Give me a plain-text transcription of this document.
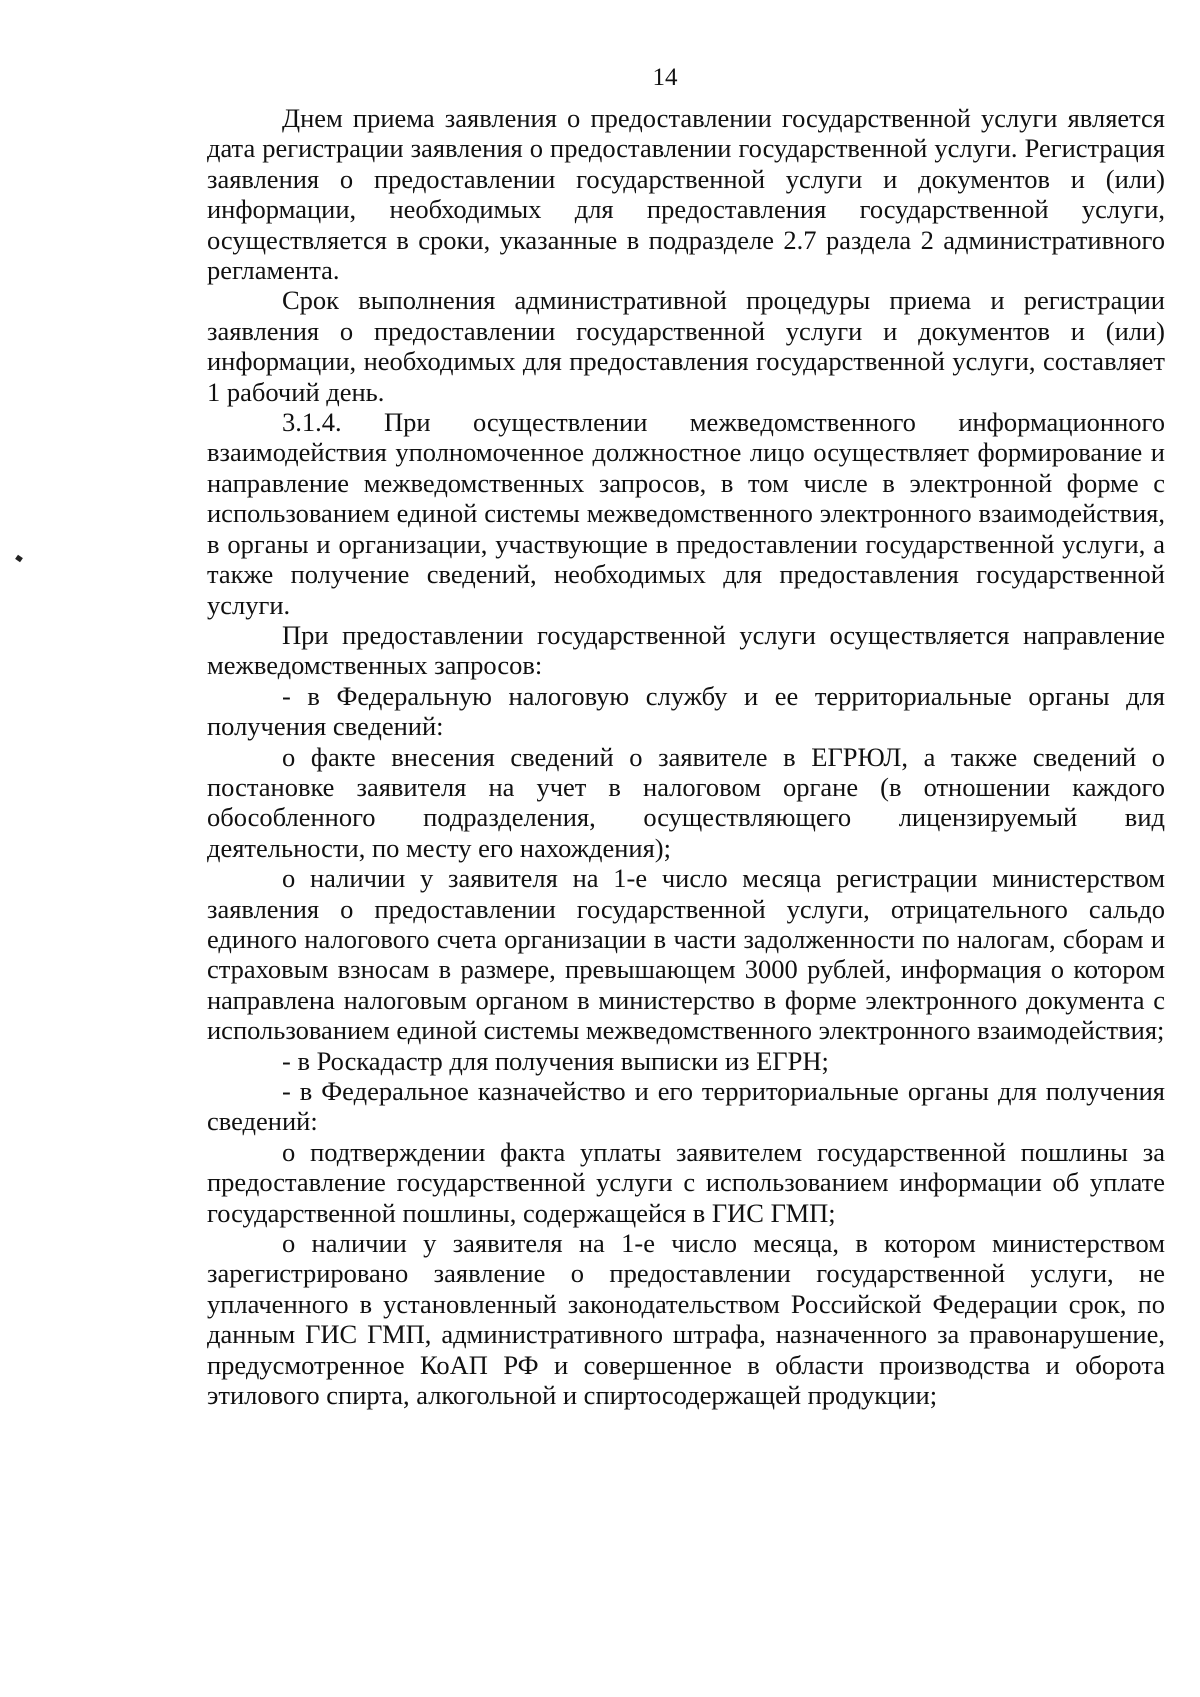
14

Днем приема заявления о предоставлении государственной услуги является дата регистрации заявления о предоставлении государственной услуги. Регистрация заявления о предоставлении государственной услуги и документов и (или) информации, необходимых для предоставления государственной услуги, осуществляется в сроки, указанные в подразделе 2.7 раздела 2 административного регламента.

Срок выполнения административной процедуры приема и регистрации заявления о предоставлении государственной услуги и документов и (или) информации, необходимых для предоставления государственной услуги, составляет 1 рабочий день.

3.1.4. При осуществлении межведомственного информационного взаимодействия уполномоченное должностное лицо осуществляет формирование и направление межведомственных запросов, в том числе в электронной форме с использованием единой системы межведомственного электронного взаимодействия, в органы и организации, участвующие в предоставлении государственной услуги, а также получение сведений, необходимых для предоставления государственной услуги.

При предоставлении государственной услуги осуществляется направление межведомственных запросов:

- в Федеральную налоговую службу и ее территориальные органы для получения сведений:

о факте внесения сведений о заявителе в ЕГРЮЛ, а также сведений о постановке заявителя на учет в налоговом органе (в отношении каждого обособленного подразделения, осуществляющего лицензируемый вид деятельности, по месту его нахождения);

о наличии у заявителя на 1-е число месяца регистрации министерством заявления о предоставлении государственной услуги, отрицательного сальдо единого налогового счета организации в части задолженности по налогам, сборам и страховым взносам в размере, превышающем 3000 рублей, информация о котором направлена налоговым органом в министерство в форме электронного документа с использованием единой системы межведомственного электронного взаимодействия;

- в Роскадастр для получения выписки из ЕГРН;

- в Федеральное казначейство и его территориальные органы для получения сведений:

о подтверждении факта уплаты заявителем государственной пошлины за предоставление государственной услуги с использованием информации об уплате государственной пошлины, содержащейся в ГИС ГМП;

о наличии у заявителя на 1-е число месяца, в котором министерством зарегистрировано заявление о предоставлении государственной услуги, не уплаченного в установленный законодательством Российской Федерации срок, по данным ГИС ГМП, административного штрафа, назначенного за правонарушение, предусмотренное КоАП РФ и совершенное в области производства и оборота этилового спирта, алкогольной и спиртосодержащей продукции;
